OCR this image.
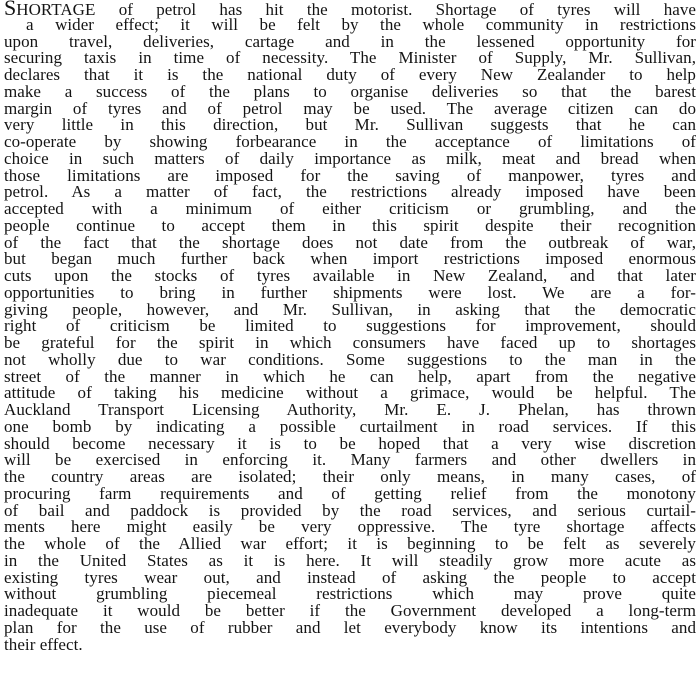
SHORTAGE of petrol has hit the motorist. Shortage of tyres will have
a wider effect; it will be felt by the whole community in restrictions
upon travel, deliveries, cartage and in the lessened opportunity for
securing taxis in time of necessity. The Minister of Supply, Mr. Sullivan,
declares that it is the national duty of every New Zealander to help
make a success of the plans to organise deliveries so that the barest
margin of tyres and of petrol may be used. The average citizen can do
very little in this direction, but Mr. Sullivan suggests that he can
co-operate by showing forbearance in the acceptance of limitations of
choice in such matters of daily importance as milk, meat and bread when
those limitations are imposed for the saving of manpower, tyres and
petrol. As a matter of fact, the restrictions already imposed have been
accepted with a minimum of either criticism or grumbling, and the
people continue to accept them in this spirit despite their recognition
of the fact that the shortage does not date from the outbreak of war,
but began much further back when import restrictions imposed enormous
cuts upon the stocks of tyres available in New Zealand, and that later
opportunities to bring in further shipments were lost. We are a for-
giving people, however, and Mr. Sullivan, in asking that the democratic
right of criticism be limited to suggestions for improvement, should
be grateful for the spirit in which consumers have faced up to shortages
not wholly due to war conditions. Some suggestions to the man in the
street of the manner in which he can help, apart from the negative
attitude of taking his medicine without a grimace, would be helpful. The
Auckland Transport Licensing Authority, Mr. E. J. Phelan, has thrown
one bomb by indicating a possible curtailment in road services. If this
should become necessary it is to be hoped that a very wise discretion
will be exercised in enforcing it. Many farmers and other dwellers in
the country areas are isolated; their only means, in many cases, of
procuring farm requirements and of getting relief from the monotony
of bail and paddock is provided by the road services, and serious curtail-
ments here might easily be very oppressive. The tyre shortage affects
the whole of the Allied war effort; it is beginning to be felt as severely
in the United States as it is here. It will steadily grow more acute as
existing tyres wear out, and instead of asking the people to accept
without grumbling piecemeal restrictions which may prove quite
inadequate it would be better if the Government developed a long-term
plan for the use of rubber and let everybody know its intentions and
their effect.
